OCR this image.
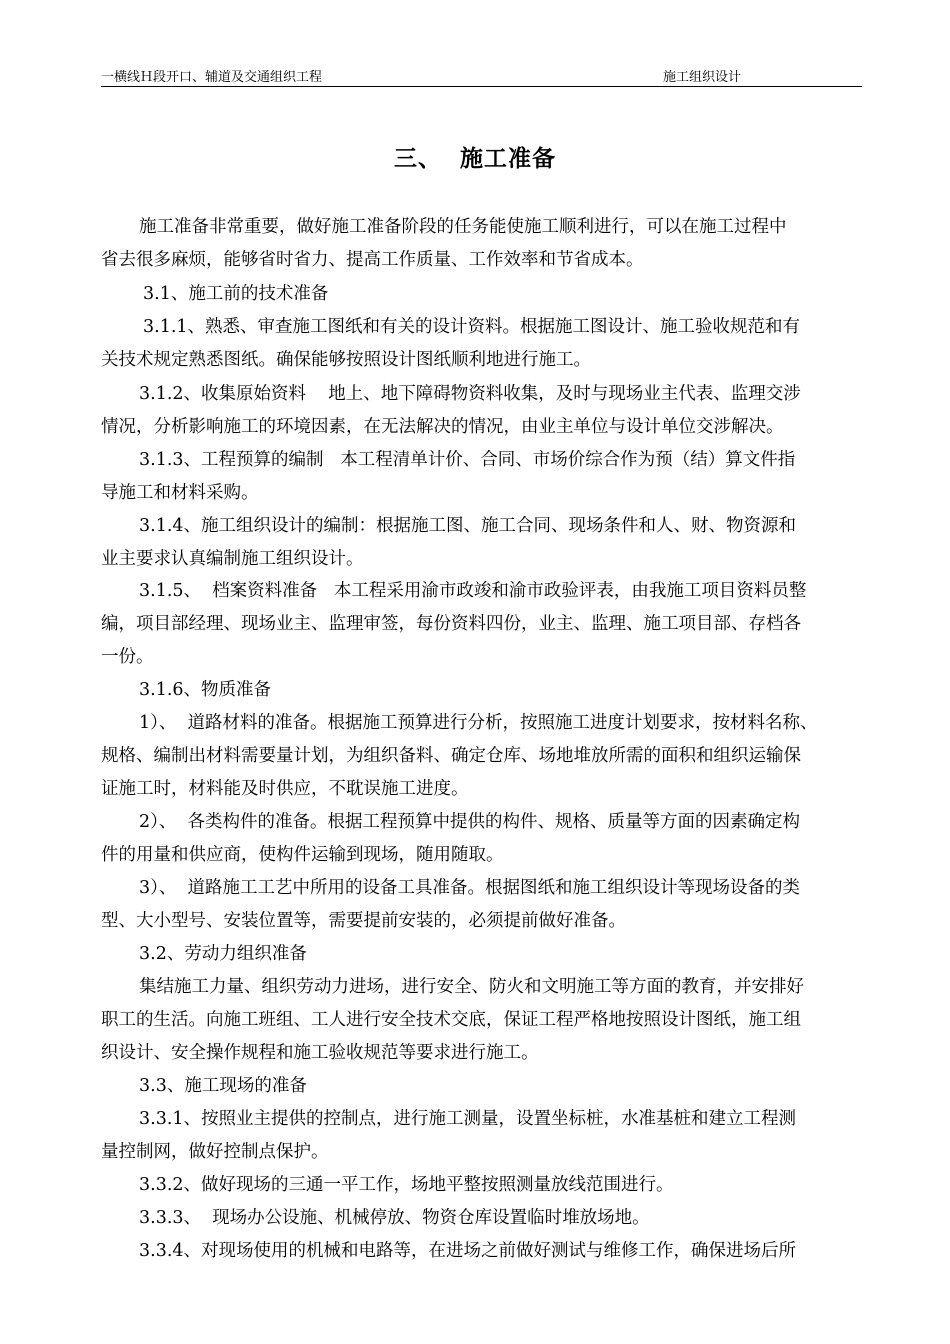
一横线Ｈ段开口、辅道及交通组织工程	施工组织设计
三、  施工准备
施工准备非常重要，做好施工准备阶段的任务能使施工顺利进行，可以在施工过程中
省去很多麻烦，能够省时省力、提高工作质量、工作效率和节省成本。
3.1、施工前的技术准备
3.1.1、熟悉、审查施工图纸和有关的设计资料。根据施工图设计、施工验收规范和有
关技术规定熟悉图纸。确保能够按照设计图纸顺利地进行施工。
3.1.2、收集原始资料    地上、地下障碍物资料收集，及时与现场业主代表、监理交涉
情况，分析影响施工的环境因素，在无法解决的情况，由业主单位与设计单位交涉解决。
3.1.3、工程预算的编制   本工程清单计价、合同、市场价综合作为预（结）算文件指
导施工和材料采购。
3.1.4、施工组织设计的编制：根据施工图、施工合同、现场条件和人、财、物资源和
业主要求认真编制施工组织设计。
3.1.5、  档案资料准备   本工程采用渝市政竣和渝市政验评表，由我施工项目资料员整
编，项目部经理、现场业主、监理审签，每份资料四份，业主、监理、施工项目部、存档各
一份。
3.1.6、物质准备
1）、  道路材料的准备。根据施工预算进行分析，按照施工进度计划要求，按材料名称、
规格、编制出材料需要量计划，为组织备料、确定仓库、场地堆放所需的面积和组织运输保
证施工时，材料能及时供应，不耽误施工进度。
2）、  各类构件的准备。根据工程预算中提供的构件、规格、质量等方面的因素确定构
件的用量和供应商，使构件运输到现场，随用随取。
3）、  道路施工工艺中所用的设备工具准备。根据图纸和施工组织设计等现场设备的类
型、大小型号、安装位置等，需要提前安装的，必须提前做好准备。
3.2、劳动力组织准备
集结施工力量、组织劳动力进场，进行安全、防火和文明施工等方面的教育，并安排好
职工的生活。向施工班组、工人进行安全技术交底，保证工程严格地按照设计图纸，施工组
织设计、安全操作规程和施工验收规范等要求进行施工。
3.3、施工现场的准备
3.3.1、按照业主提供的控制点，进行施工测量，设置坐标桩，水准基桩和建立工程测
量控制网，做好控制点保护。
3.3.2、做好现场的三通一平工作，场地平整按照测量放线范围进行。
3.3.3、  现场办公设施、机械停放、物资仓库设置临时堆放场地。
3.3.4、对现场使用的机械和电路等，在进场之前做好测试与维修工作，确保进场后所
